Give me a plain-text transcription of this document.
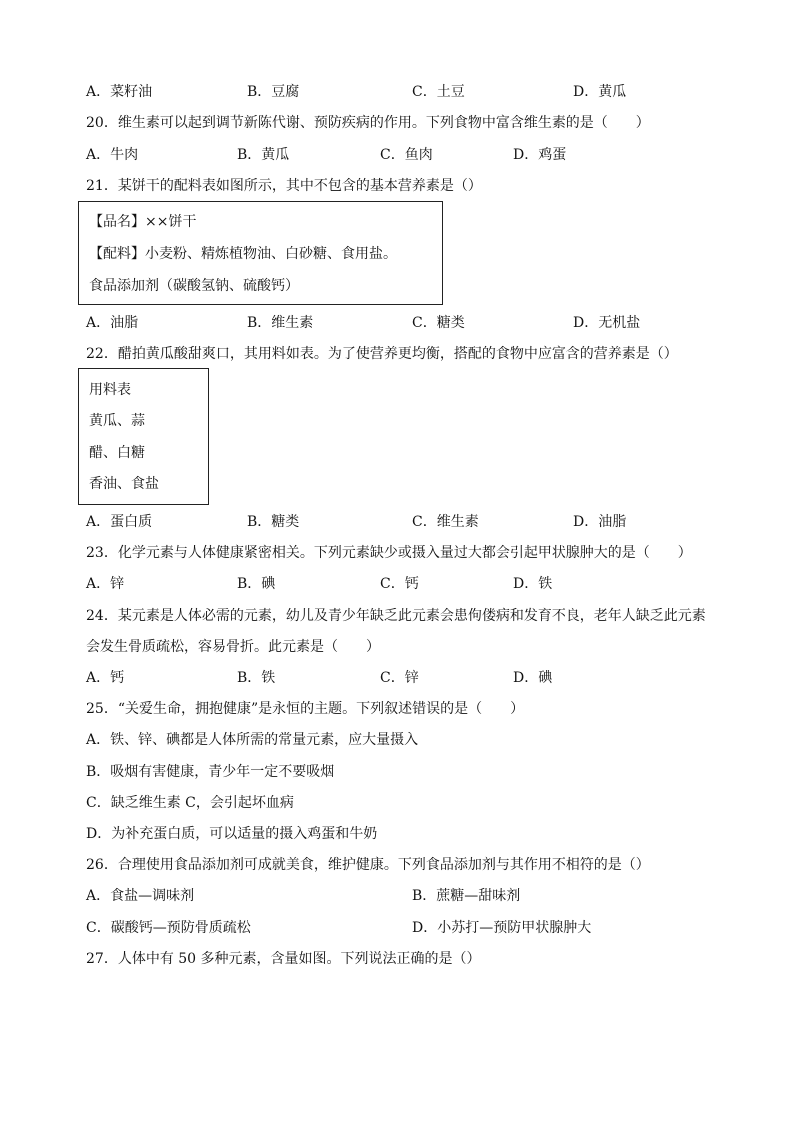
A．菜籽油	B．豆腐	C．土豆	D．黄瓜
20．维生素可以起到调节新陈代谢、预防疾病的作用。下列食物中富含维生素的是（　　）
A．牛肉	B．黄瓜	C．鱼肉	D．鸡蛋
21．某饼干的配料表如图所示，其中不包含的基本营养素是（）
【品名】××饼干
【配料】小麦粉、精炼植物油、白砂糖、食用盐。
食品添加剂（碳酸氢钠、硫酸钙）
A．油脂	B．维生素	C．糖类	D．无机盐
22．醋拍黄瓜酸甜爽口，其用料如表。为了使营养更均衡，搭配的食物中应富含的营养素是（）
用料表
黄瓜、蒜
醋、白糖
香油、食盐
A．蛋白质	B．糖类	C．维生素	D．油脂
23．化学元素与人体健康紧密相关。下列元素缺少或摄入量过大都会引起甲状腺肿大的是（　　）
A．锌	B．碘	C．钙	D．铁
24．某元素是人体必需的元素，幼儿及青少年缺乏此元素会患佝偻病和发育不良，老年人缺乏此元素
会发生骨质疏松，容易骨折。此元素是（　　）
A．钙	B．铁	C．锌	D．碘
25．“关爱生命，拥抱健康”是永恒的主题。下列叙述错误的是（　　）
A．铁、锌、碘都是人体所需的常量元素，应大量摄入
B．吸烟有害健康，青少年一定不要吸烟
C．缺乏维生素 C，会引起坏血病
D．为补充蛋白质，可以适量的摄入鸡蛋和牛奶
26．合理使用食品添加剂可成就美食，维护健康。下列食品添加剂与其作用不相符的是（）
A．食盐—调味剂	B．蔗糖—甜味剂
C．碳酸钙—预防骨质疏松	D．小苏打—预防甲状腺肿大
27．人体中有 50 多种元素，含量如图。下列说法正确的是（）
